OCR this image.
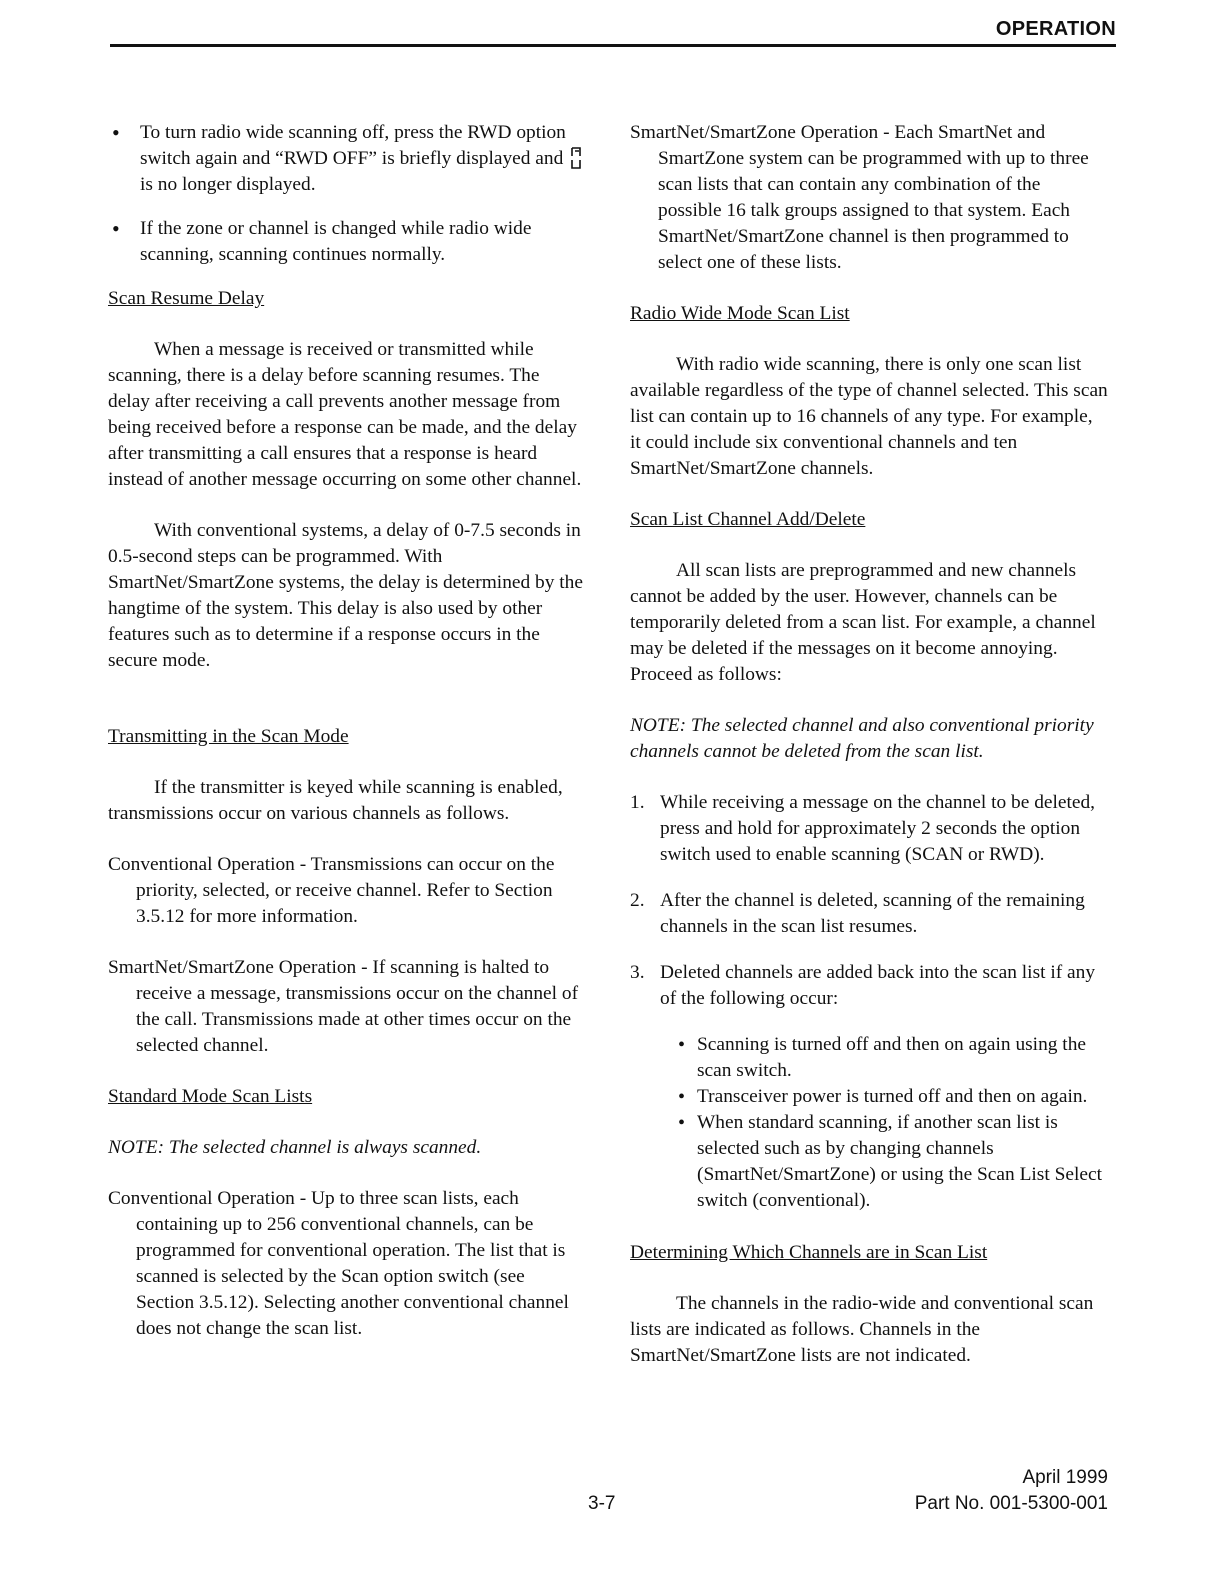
OPERATION

• To turn radio wide scanning off, press the RWD option switch again and “RWD OFF” is briefly displayed and  is no longer displayed.

• If the zone or channel is changed while radio wide scanning, scanning continues normally.

Scan Resume Delay

When a message is received or transmitted while scanning, there is a delay before scanning resumes. The delay after receiving a call prevents another message from being received before a response can be made, and the delay after transmitting a call ensures that a response is heard instead of another message occurring on some other channel.

With conventional systems, a delay of 0-7.5 seconds in 0.5-second steps can be programmed. With SmartNet/SmartZone systems, the delay is determined by the hangtime of the system. This delay is also used by other features such as to determine if a response occurs in the secure mode.

Transmitting in the Scan Mode

If the transmitter is keyed while scanning is enabled, transmissions occur on various channels as follows.

Conventional Operation - Transmissions can occur on the priority, selected, or receive channel. Refer to Section 3.5.12 for more information.

SmartNet/SmartZone Operation - If scanning is halted to receive a message, transmissions occur on the channel of the call. Transmissions made at other times occur on the selected channel.

Standard Mode Scan Lists

NOTE: The selected channel is always scanned.

Conventional Operation - Up to three scan lists, each containing up to 256 conventional channels, can be programmed for conventional operation. The list that is scanned is selected by the Scan option switch (see Section 3.5.12). Selecting another conventional channel does not change the scan list.

SmartNet/SmartZone Operation - Each SmartNet and SmartZone system can be programmed with up to three scan lists that can contain any combination of the possible 16 talk groups assigned to that system. Each SmartNet/SmartZone channel is then programmed to select one of these lists.

Radio Wide Mode Scan List

With radio wide scanning, there is only one scan list available regardless of the type of channel selected. This scan list can contain up to 16 channels of any type. For example, it could include six conventional channels and ten SmartNet/SmartZone channels.

Scan List Channel Add/Delete

All scan lists are preprogrammed and new channels cannot be added by the user. However, channels can be temporarily deleted from a scan list. For example, a channel may be deleted if the messages on it become annoying. Proceed as follows:

NOTE: The selected channel and also conventional priority channels cannot be deleted from the scan list.

1. While receiving a message on the channel to be deleted, press and hold for approximately 2 seconds the option switch used to enable scanning (SCAN or RWD).
2. After the channel is deleted, scanning of the remaining channels in the scan list resumes.
3. Deleted channels are added back into the scan list if any of the following occur:

• Scanning is turned off and then on again using the scan switch.

• Transceiver power is turned off and then on again.

• When standard scanning, if another scan list is selected such as by changing channels (SmartNet/SmartZone) or using the Scan List Select switch (conventional).

Determining Which Channels are in Scan List

The channels in the radio-wide and conventional scan lists are indicated as follows. Channels in the SmartNet/SmartZone lists are not indicated.

April 1999
3-7	Part No. 001-5300-001
